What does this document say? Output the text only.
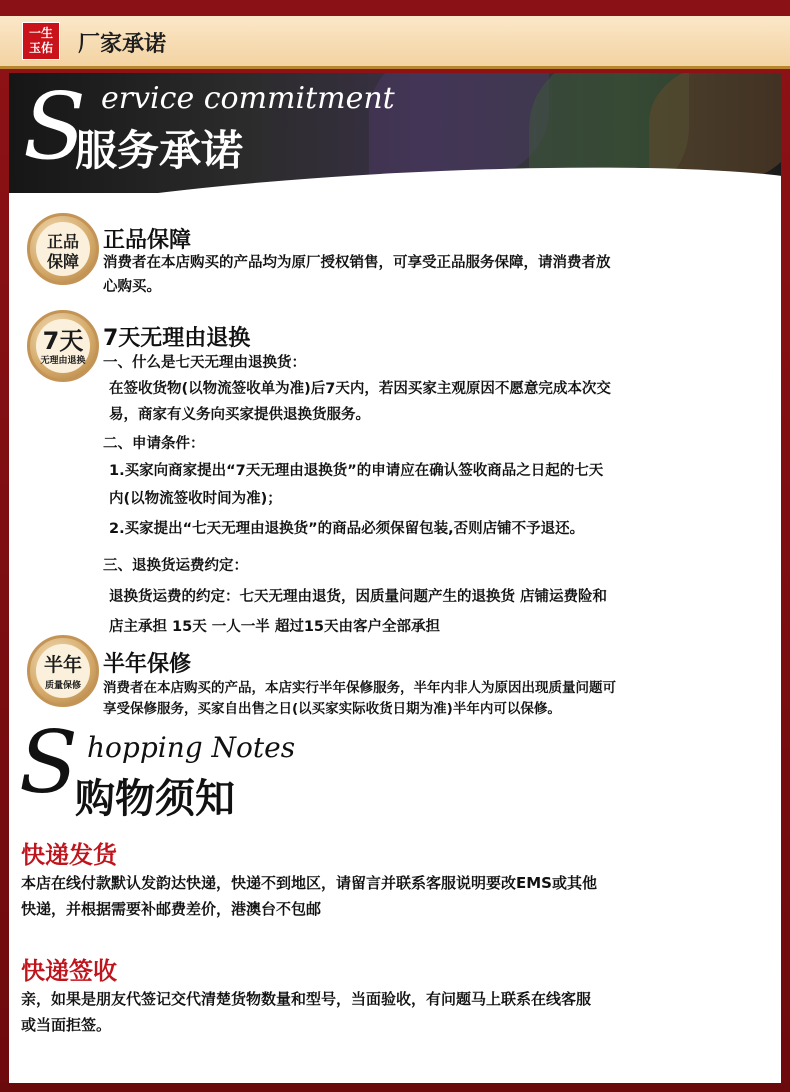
一生
玉佑 厂家承诺
S ervice commitment
服务承诺
正品
保障
正品保障
消费者在本店购买的产品均为原厂授权销售，可享受正品服务保障，请消费者放
心购买。
7天
无理由退换
7天无理由退换
一、什么是七天无理由退换货：
在签收货物(以物流签收单为准)后7天内，若因买家主观原因不愿意完成本次交
易，商家有义务向买家提供退换货服务。
二、申请条件：
1.买家向商家提出“7天无理由退换货”的申请应在确认签收商品之日起的七天
内(以物流签收时间为准)；
2.买家提出“七天无理由退换货”的商品必须保留包装,否则店铺不予退还。
三、退换货运费约定：
退换货运费的约定：七天无理由退货，因质量问题产生的退换货 店铺运费险和
店主承担 15天 一人一半 超过15天由客户全部承担
半年
质量保修
半年保修
消费者在本店购买的产品，本店实行半年保修服务，半年内非人为原因出现质量问题可
享受保修服务，买家自出售之日(以买家实际收货日期为准)半年内可以保修。
S hopping Notes
购物须知
快递发货
本店在线付款默认发韵达快递，快递不到地区，请留言并联系客服说明要改EMS或其他
快递，并根据需要补邮费差价，港澳台不包邮
快递签收
亲，如果是朋友代签记交代清楚货物数量和型号，当面验收，有问题马上联系在线客服
或当面拒签。
